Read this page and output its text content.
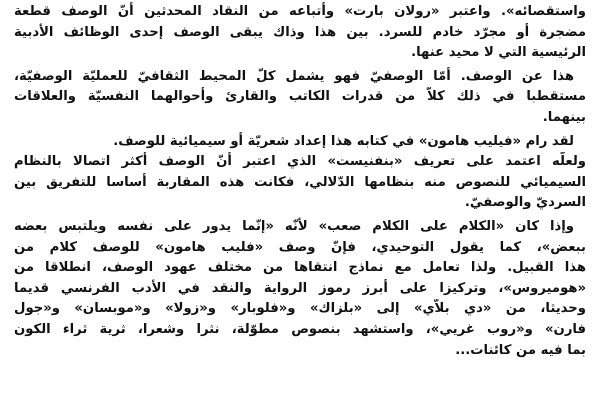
واستقصائه». واعتبر «رولان بارت» وأتباعه من النقاد المحدثين أنّ الوصف قطعة
مضجرة أو مجرّد خادم للسرد. بين هذا وذاك يبقى الوصف إحدى الوظائف الأدبية
الرئيسية التي لا محيد عنها.
هذا عن الوصف. أمّا الوصفيّ فهو يشمل كلّ المحيط الثقافيّ للعمليّة الوصفيّة،
مستقطبا في ذلك كلاًّ من قدرات الكاتب والقارئ وأحوالهما النفسيّة والعلاقات
بينهما.
لقد رام «فيليب هامون» في كتابه هذا إعداد شعريّة أو سيميائية للوصف.
ولعلّه اعتمد على تعريف «بنفنيست» الذي اعتبر أنّ الوصف أكثر اتصالا بالنظام
السيميائي للنصوص منه بنظامها الدّلالي، فكانت هذه المقاربة أساسا للتفريق بين
السرديّ والوصفيّ.
وإذا كان «الكلام على الكلام صعب» لأنّه «إنّما يدور على نفسه ويلتبس بعضه
ببعض»، كما يقول التوحيدي، فإنّ وصف «فليب هامون» للوصف كلام من
هذا القبيل. ولذا تعامل مع نماذج انتقاها من مختلف عهود الوصف، انطلاقا من
«هوميروس»، وتركيزا على أبرز رموز الرواية والنقد في الأدب الفرنسي قديما
وحديثا، من «دي بلاّي» إلى «بلزاك» و«فلوبار» و«زولا» و«موبسان» و«جول
فارن» و«روب غريي»، واستشهد بنصوص مطوّلة، نثرا وشعرا، ثرية ثراء الكون
بما فيه من كائنات...
